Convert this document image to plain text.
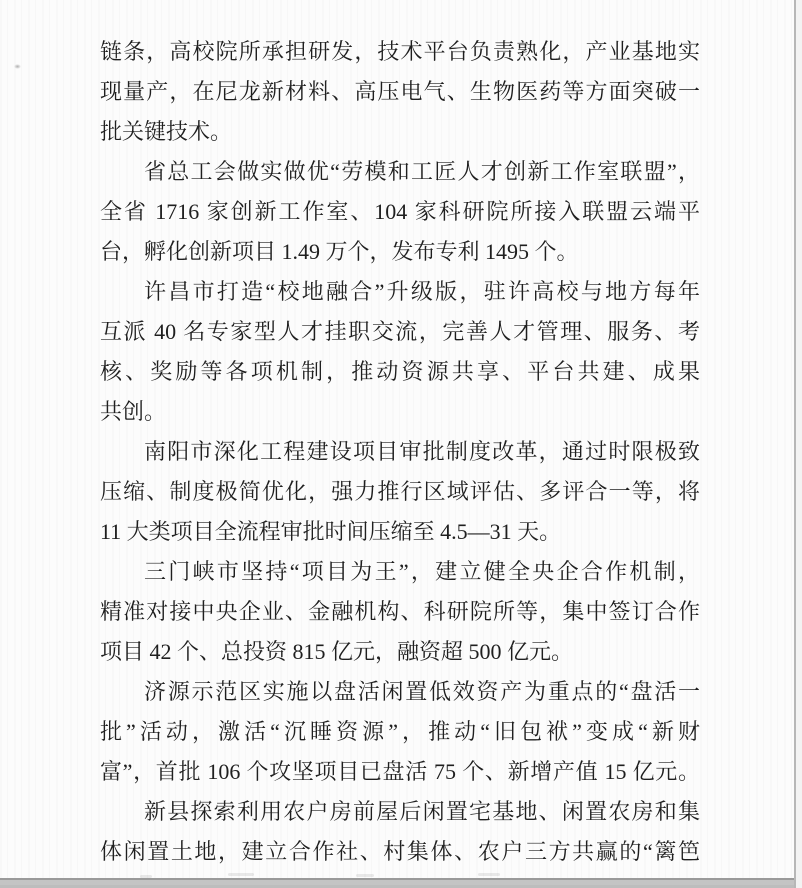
链条，高校院所承担研发，技术平台负责熟化，产业基地实
现量产，在尼龙新材料、高压电气、生物医药等方面突破一
批关键技术。
省总工会做实做优“劳模和工匠人才创新工作室联盟”，
全省 1716 家创新工作室、104 家科研院所接入联盟云端平
台，孵化创新项目 1.49 万个，发布专利 1495 个。
许昌市打造“校地融合”升级版，驻许高校与地方每年
互派 40 名专家型人才挂职交流，完善人才管理、服务、考
核、奖励等各项机制，推动资源共享、平台共建、成果
共创。
南阳市深化工程建设项目审批制度改革，通过时限极致
压缩、制度极简优化，强力推行区域评估、多评合一等，将
11 大类项目全流程审批时间压缩至 4.5—31 天。
三门峡市坚持“项目为王”，建立健全央企合作机制，
精准对接中央企业、金融机构、科研院所等，集中签订合作
项目 42 个、总投资 815 亿元，融资超 500 亿元。
济源示范区实施以盘活闲置低效资产为重点的“盘活一
批”活动，激活“沉睡资源”，推动“旧包袱”变成“新财
富”，首批 106 个攻坚项目已盘活 75 个、新增产值 15 亿元。
新县探索利用农户房前屋后闲置宅基地、闲置农房和集
体闲置土地，建立合作社、村集体、农户三方共赢的“篱笆
